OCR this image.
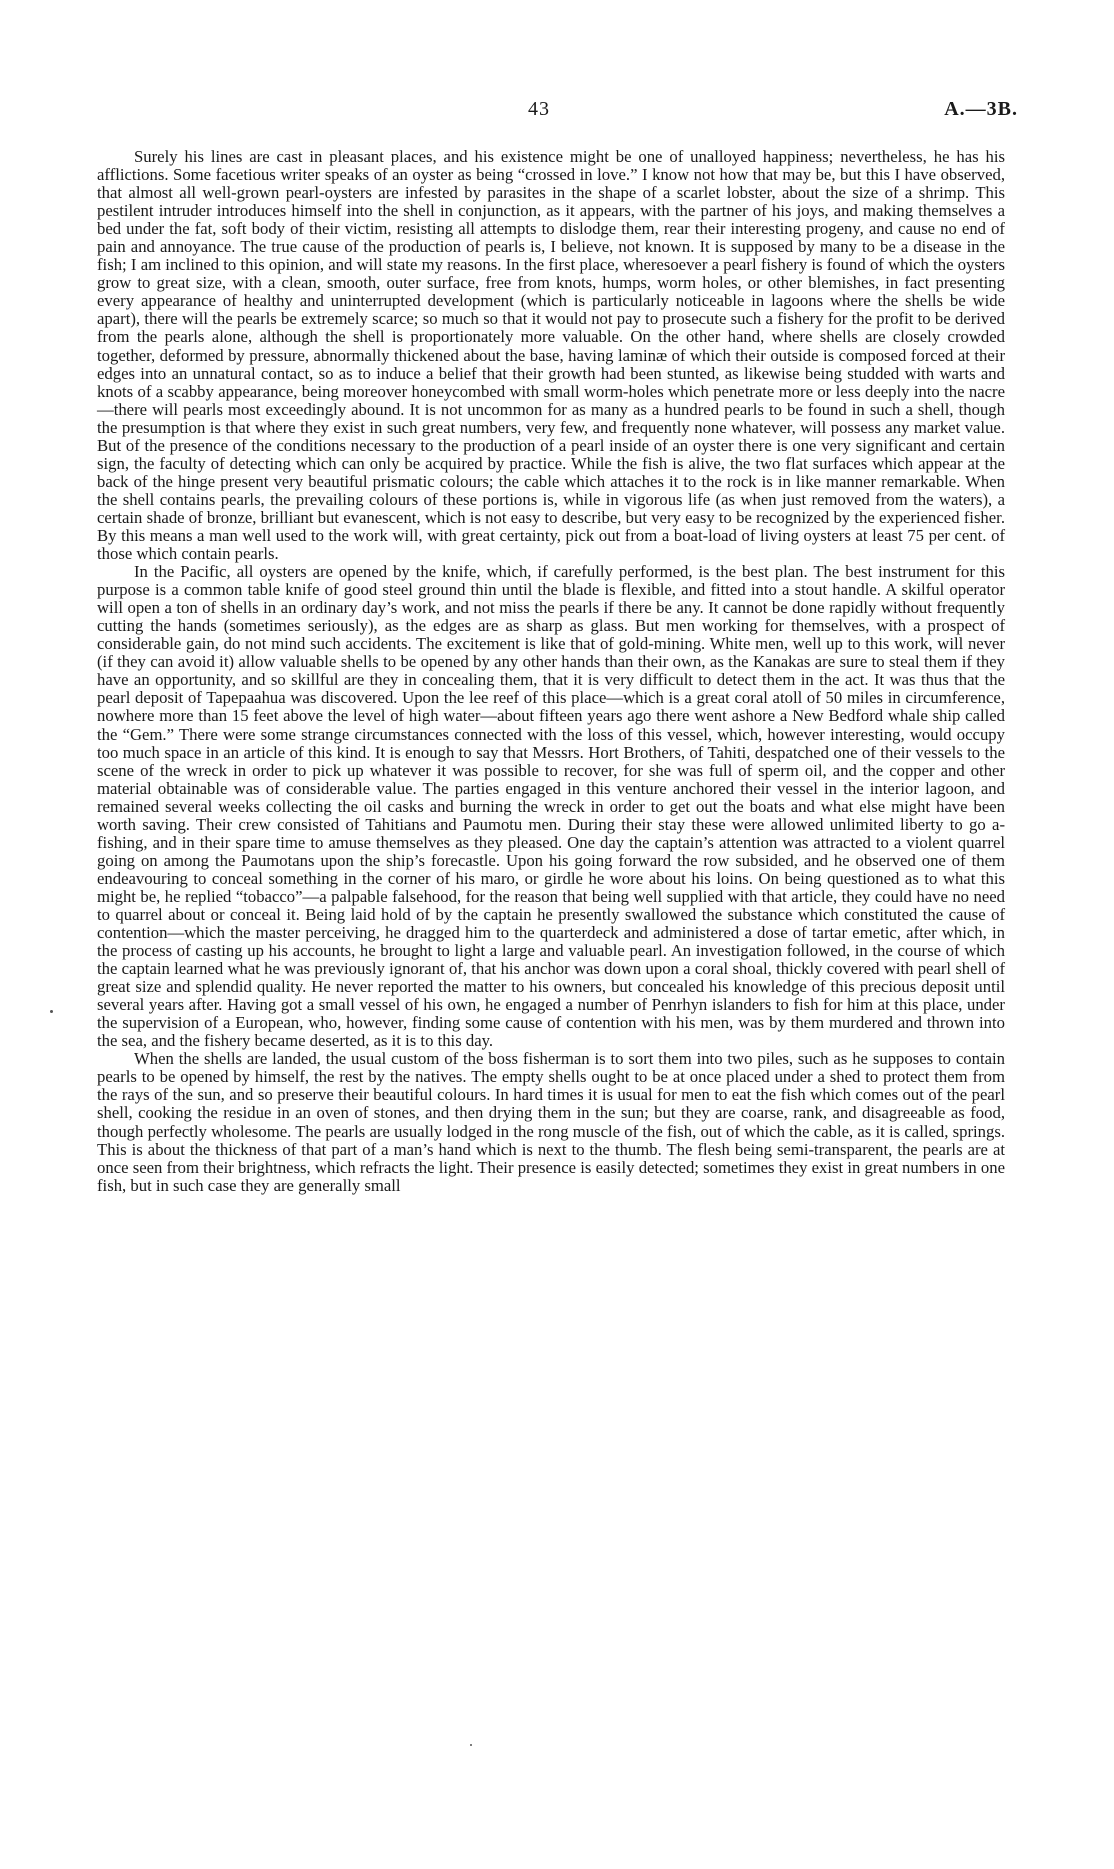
43	A.—3B.

Surely his lines are cast in pleasant places, and his existence might be one of unalloyed happiness; nevertheless, he has his afflictions. Some facetious writer speaks of an oyster as being “crossed in love.” I know not how that may be, but this I have observed, that almost all well-grown pearl-oysters are infested by parasites in the shape of a scarlet lobster, about the size of a shrimp. This pestilent intruder introduces himself into the shell in conjunction, as it appears, with the partner of his joys, and making themselves a bed under the fat, soft body of their victim, resisting all attempts to dislodge them, rear their interesting progeny, and cause no end of pain and annoyance. The true cause of the production of pearls is, I believe, not known. It is supposed by many to be a disease in the fish; I am inclined to this opinion, and will state my reasons. In the first place, wheresoever a pearl fishery is found of which the oysters grow to great size, with a clean, smooth, outer surface, free from knots, humps, worm holes, or other blemishes, in fact presenting every appearance of healthy and uninterrupted development (which is particularly noticeable in lagoons where the shells be wide apart), there will the pearls be extremely scarce; so much so that it would not pay to prosecute such a fishery for the profit to be derived from the pearls alone, although the shell is proportionately more valuable. On the other hand, where shells are closely crowded together, deformed by pressure, abnormally thickened about the base, having laminæ of which their outside is composed forced at their edges into an unnatural contact, so as to induce a belief that their growth had been stunted, as likewise being studded with warts and knots of a scabby appearance, being moreover honeycombed with small worm-holes which penetrate more or less deeply into the nacre—there will pearls most exceedingly abound. It is not uncommon for as many as a hundred pearls to be found in such a shell, though the presumption is that where they exist in such great numbers, very few, and frequently none whatever, will possess any market value. But of the presence of the conditions necessary to the production of a pearl inside of an oyster there is one very significant and certain sign, the faculty of detecting which can only be acquired by practice. While the fish is alive, the two flat surfaces which appear at the back of the hinge present very beautiful prismatic colours; the cable which attaches it to the rock is in like manner remarkable. When the shell contains pearls, the prevailing colours of these portions is, while in vigorous life (as when just removed from the waters), a certain shade of bronze, brilliant but evanescent, which is not easy to describe, but very easy to be recognized by the experienced fisher. By this means a man well used to the work will, with great certainty, pick out from a boat-load of living oysters at least 75 per cent. of those which contain pearls.

In the Pacific, all oysters are opened by the knife, which, if carefully performed, is the best plan. The best instrument for this purpose is a common table knife of good steel ground thin until the blade is flexible, and fitted into a stout handle. A skilful operator will open a ton of shells in an ordinary day’s work, and not miss the pearls if there be any. It cannot be done rapidly without frequently cutting the hands (sometimes seriously), as the edges are as sharp as glass. But men working for themselves, with a prospect of considerable gain, do not mind such accidents. The excitement is like that of gold-mining. White men, well up to this work, will never (if they can avoid it) allow valuable shells to be opened by any other hands than their own, as the Kanakas are sure to steal them if they have an opportunity, and so skillful are they in concealing them, that it is very difficult to detect them in the act. It was thus that the pearl deposit of Tapepaahua was discovered. Upon the lee reef of this place—which is a great coral atoll of 50 miles in circumference, nowhere more than 15 feet above the level of high water—about fifteen years ago there went ashore a New Bedford whale ship called the “Gem.” There were some strange circumstances connected with the loss of this vessel, which, however interesting, would occupy too much space in an article of this kind. It is enough to say that Messrs. Hort Brothers, of Tahiti, despatched one of their vessels to the scene of the wreck in order to pick up whatever it was possible to recover, for she was full of sperm oil, and the copper and other material obtainable was of considerable value. The parties engaged in this venture anchored their vessel in the interior lagoon, and remained several weeks collecting the oil casks and burning the wreck in order to get out the boats and what else might have been worth saving. Their crew consisted of Tahitians and Paumotu men. During their stay these were allowed unlimited liberty to go a-fishing, and in their spare time to amuse themselves as they pleased. One day the captain’s attention was attracted to a violent quarrel going on among the Paumotans upon the ship’s forecastle. Upon his going forward the row subsided, and he observed one of them endeavouring to conceal something in the corner of his maro, or girdle he wore about his loins. On being questioned as to what this might be, he replied “tobacco”—a palpable falsehood, for the reason that being well supplied with that article, they could have no need to quarrel about or conceal it. Being laid hold of by the captain he presently swallowed the substance which constituted the cause of contention—which the master perceiving, he dragged him to the quarterdeck and administered a dose of tartar emetic, after which, in the process of casting up his accounts, he brought to light a large and valuable pearl. An investigation followed, in the course of which the captain learned what he was previously ignorant of, that his anchor was down upon a coral shoal, thickly covered with pearl shell of great size and splendid quality. He never reported the matter to his owners, but concealed his knowledge of this precious deposit until several years after. Having got a small vessel of his own, he engaged a number of Penrhyn islanders to fish for him at this place, under the supervision of a European, who, however, finding some cause of contention with his men, was by them murdered and thrown into the sea, and the fishery became deserted, as it is to this day.

When the shells are landed, the usual custom of the boss fisherman is to sort them into two piles, such as he supposes to contain pearls to be opened by himself, the rest by the natives. The empty shells ought to be at once placed under a shed to protect them from the rays of the sun, and so preserve their beautiful colours. In hard times it is usual for men to eat the fish which comes out of the pearl shell, cooking the residue in an oven of stones, and then drying them in the sun; but they are coarse, rank, and disagreeable as food, though perfectly wholesome. The pearls are usually lodged in the rong muscle of the fish, out of which the cable, as it is called, springs. This is about the thickness of that part of a man’s hand which is next to the thumb. The flesh being semi-transparent, the pearls are at once seen from their brightness, which refracts the light. Their presence is easily detected; sometimes they exist in great numbers in one fish, but in such case they are generally small
